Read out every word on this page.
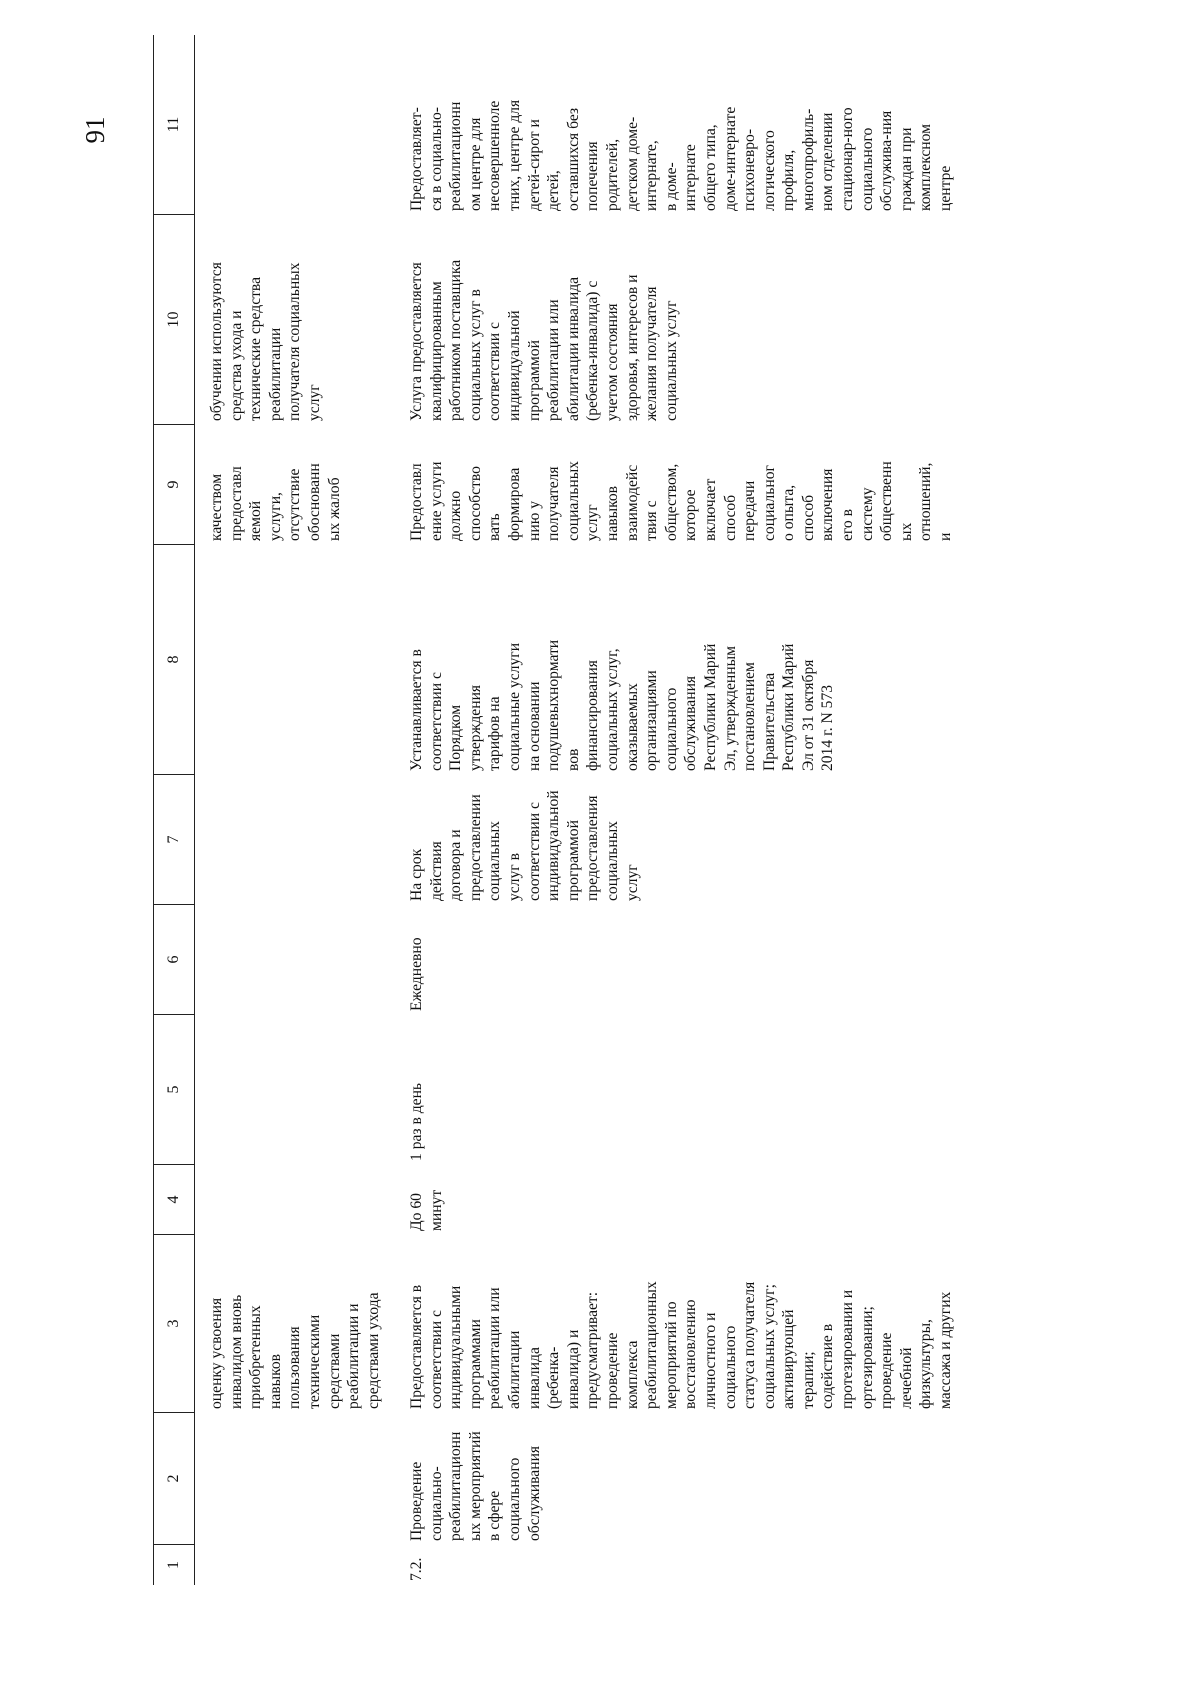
91
1
2
3
4
5
6
7
8
9
10
11
оценку усвоения
инвалидом вновь
приобретенных
навыков
пользования
техническими
средствами
реабилитации и
средствами ухода
качеством
предоставл
яемой
услуги,
отсутствие
обоснованн
ых жалоб
обучении используются
средства ухода и
технические средства
реабилитации
получателя социальных
услуг
7.2.
Проведение
социально-
реабилитационн
ых мероприятий
в сфере
социального
обслуживания
Предоставляется в
соответствии с
индивидуальными
программами
реабилитации или
абилитации
инвалида
(ребенка-
инвалида) и
предусматривает:
проведение
комплекса
реабилитационных
мероприятий по
восстановлению
личностного и
социального
статуса получателя
социальных услуг;
активирующей
терапии;
содействие в
протезировании и
ортезировании;
проведение
лечебной
физкультуры,
массажа и других
До 60
минут
1 раз в день
Ежедневно
На срок
действия
договора и
предоставлении
социальных
услуг в
соответствии с
индивидуальной
программой
предоставления
социальных
услуг
Устанавливается в
соответствии с
Порядком
утверждения
тарифов на
социальные услуги
на основании
подушевыхнормати
вов
финансирования
социальных услуг,
оказываемых
организациями
социального
обслуживания
Республики Марий
Эл, утвержденным
постановлением
Правительства
Республики Марий
Эл от 31 октября
2014 г. N 573
Предоставл
ение услуги
должно
способство
вать
формирова
нию у
получателя
социальных
услуг
навыков
взаимодейс
твия с
обществом,
которое
включает
способ
передачи
социальног
о опыта,
способ
включения
его в
систему
общественн
ых
отношений,
и
Услуга предоставляется
квалифицированным
работником поставщика
социальных услуг в
соответствии с
индивидуальной
программой
реабилитации или
абилитации инвалида
(ребенка-инвалида) с
учетом состояния
здоровья, интересов и
желания получателя
социальных услуг
Предоставляет-
ся в социально-
реабилитационн
ом центре для
несовершенноле
тних, центре для
детей-сирот и
детей,
оставшихся без
попечения
родителей,
детском доме-
интернате,
в доме-
интернате
общего типа,
доме-интернате
психоневро-
логического
профиля,
многопрофиль-
ном отделении
стационар-ного
социального
обслужива-ния
граждан при
комплексном
центре
